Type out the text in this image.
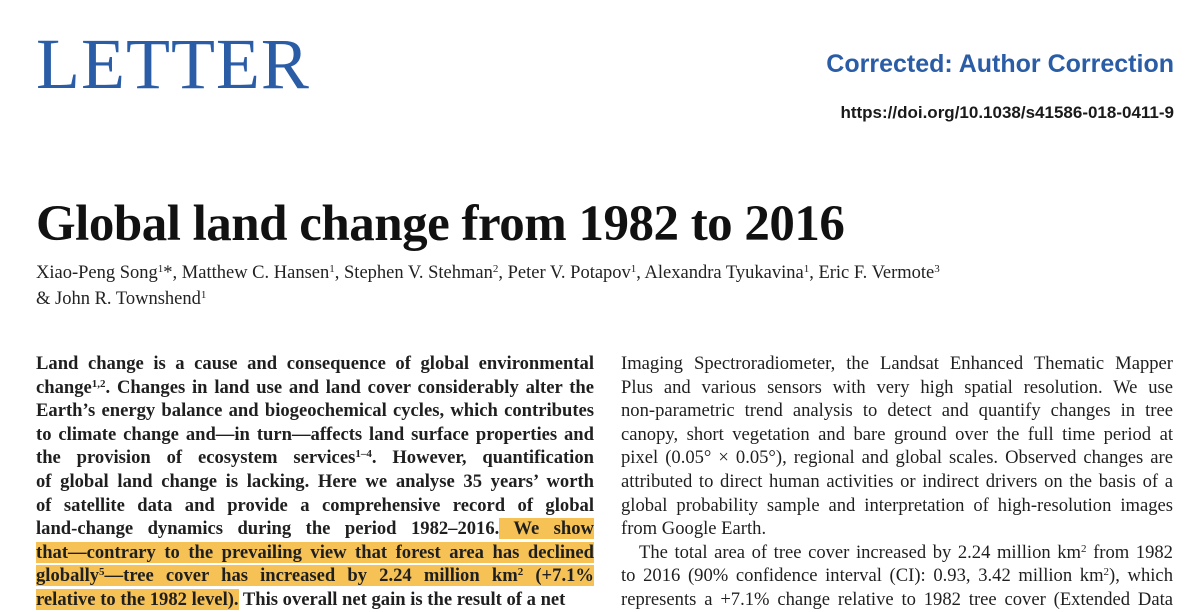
LETTER	Corrected: Author Correction
https://doi.org/10.1038/s41586-018-0411-9
Global land change from 1982 to 2016
Xiao-Peng Song$^1$*, Matthew C. Hansen$^1$, Stephen V. Stehman$^2$, Peter V. Potapov$^1$, Alexandra Tyukavina$^1$, Eric F. Vermote$^3$
& John R. Townshend$^1$
Land change is a cause and consequence of global environmental
change$^{1,2}$. Changes in land use and land cover considerably alter the
Earth’s energy balance and biogeochemical cycles, which contributes
to climate change and—in turn—affects land surface properties and
the provision of ecosystem services$^{1-4}$. However, quantification
of global land change is lacking. Here we analyse 35 years’ worth
of satellite data and provide a comprehensive record of global
land-change dynamics during the period 1982–2016. We show
that—contrary to the prevailing view that forest area has declined
globally$^5$—tree cover has increased by 2.24 million $km^2$ (+7.1%
relative to the 1982 level). This overall net gain is the result of a net
Imaging Spectroradiometer, the Landsat Enhanced Thematic Mapper
Plus and various sensors with very high spatial resolution. We use
non-parametric trend analysis to detect and quantify changes in tree
canopy, short vegetation and bare ground over the full time period at
pixel (0.05° × 0.05°), regional and global scales. Observed changes are
attributed to direct human activities or indirect drivers on the basis of a
global probability sample and interpretation of high-resolution images
from Google Earth.
The total area of tree cover increased by 2.24 million $km^2$ from 1982
to 2016 (90% confidence interval (CI): 0.93, 3.42 million $km^2$), which
represents a +7.1% change relative to 1982 tree cover (Extended Data
